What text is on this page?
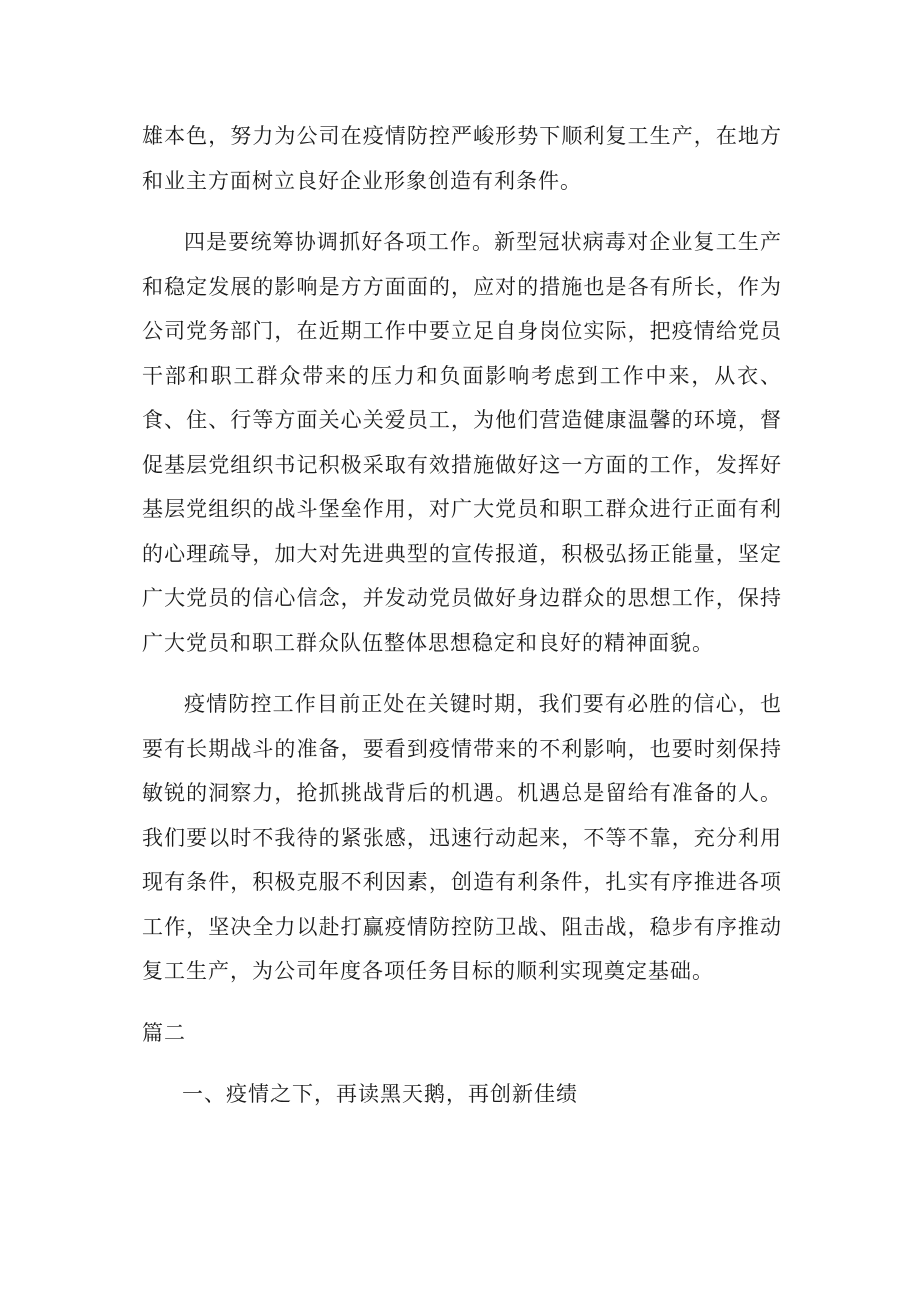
雄本色，努力为公司在疫情防控严峻形势下顺利复工生产，在地方和业主方面树立良好企业形象创造有利条件。

四是要统筹协调抓好各项工作。新型冠状病毒对企业复工生产和稳定发展的影响是方方面面的，应对的措施也是各有所长，作为公司党务部门，在近期工作中要立足自身岗位实际，把疫情给党员干部和职工群众带来的压力和负面影响考虑到工作中来，从衣、食、住、行等方面关心关爱员工，为他们营造健康温馨的环境，督促基层党组织书记积极采取有效措施做好这一方面的工作，发挥好基层党组织的战斗堡垒作用，对广大党员和职工群众进行正面有利的心理疏导，加大对先进典型的宣传报道，积极弘扬正能量，坚定广大党员的信心信念，并发动党员做好身边群众的思想工作，保持广大党员和职工群众队伍整体思想稳定和良好的精神面貌。

疫情防控工作目前正处在关键时期，我们要有必胜的信心，也要有长期战斗的准备，要看到疫情带来的不利影响，也要时刻保持敏锐的洞察力，抢抓挑战背后的机遇。机遇总是留给有准备的人。我们要以时不我待的紧张感，迅速行动起来，不等不靠，充分利用现有条件，积极克服不利因素，创造有利条件，扎实有序推进各项工作，坚决全力以赴打赢疫情防控防卫战、阻击战，稳步有序推动复工生产，为公司年度各项任务目标的顺利实现奠定基础。

篇二

一、疫情之下，再读黑天鹅，再创新佳绩
